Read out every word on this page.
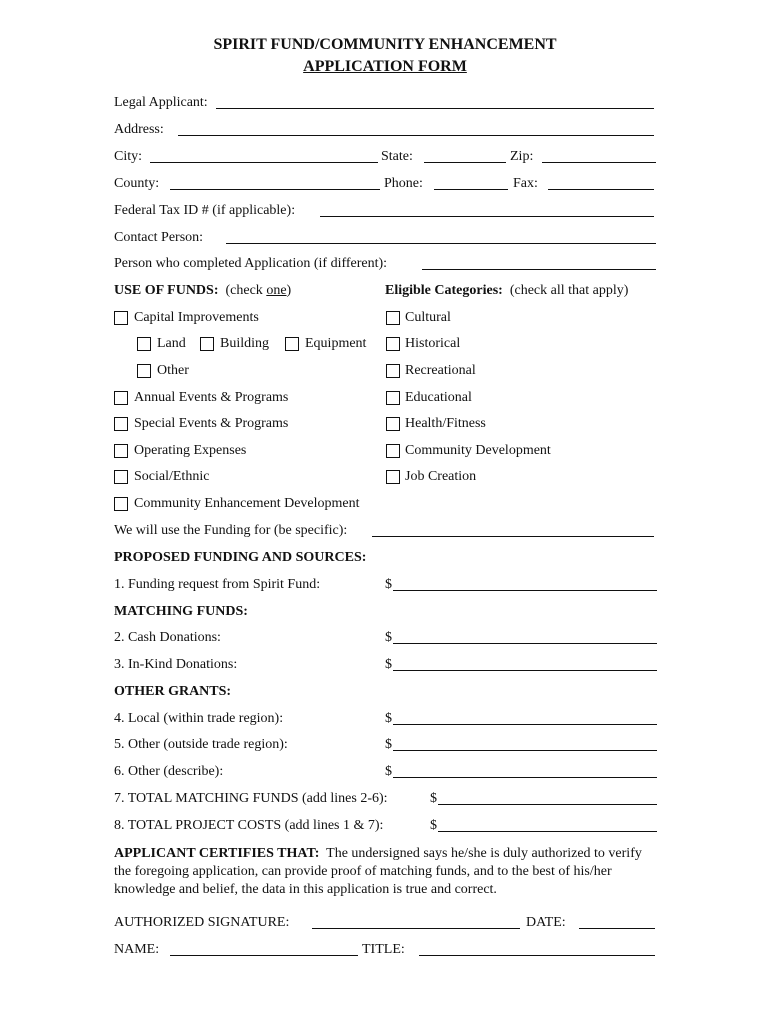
SPIRIT FUND/COMMUNITY ENHANCEMENT
APPLICATION FORM
Legal Applicant:
Address:
City:	State:	Zip:
County:	Phone:	Fax:
Federal Tax ID # (if applicable):
Contact Person:
Person who completed Application (if different):
USE OF FUNDS: (check one)	Eligible Categories: (check all that apply)
Capital Improvements	Cultural
Land Building	Equipment	Historical
Other	Recreational
Annual Events & Programs	Educational
Special Events & Programs	Health/Fitness
Operating Expenses	Community Development
Social/Ethnic	Job Creation
Community Enhancement Development
We will use the Funding for (be specific):
PROPOSED FUNDING AND SOURCES:
1. Funding request from Spirit Fund:	$
MATCHING FUNDS:
2. Cash Donations:	$
3. In-Kind Donations:	$
OTHER GRANTS:
4. Local (within trade region):	$
5. Other (outside trade region):	$
6. Other (describe):	$
7. TOTAL MATCHING FUNDS (add lines 2-6):	$
8. TOTAL PROJECT COSTS (add lines 1 & 7):	$
APPLICANT CERTIFIES THAT: The undersigned says he/she is duly authorized to verify the foregoing application, can provide proof of matching funds, and to the best of his/her knowledge and belief, the data in this application is true and correct.
AUTHORIZED SIGNATURE:	DATE:
NAME:	TITLE:
